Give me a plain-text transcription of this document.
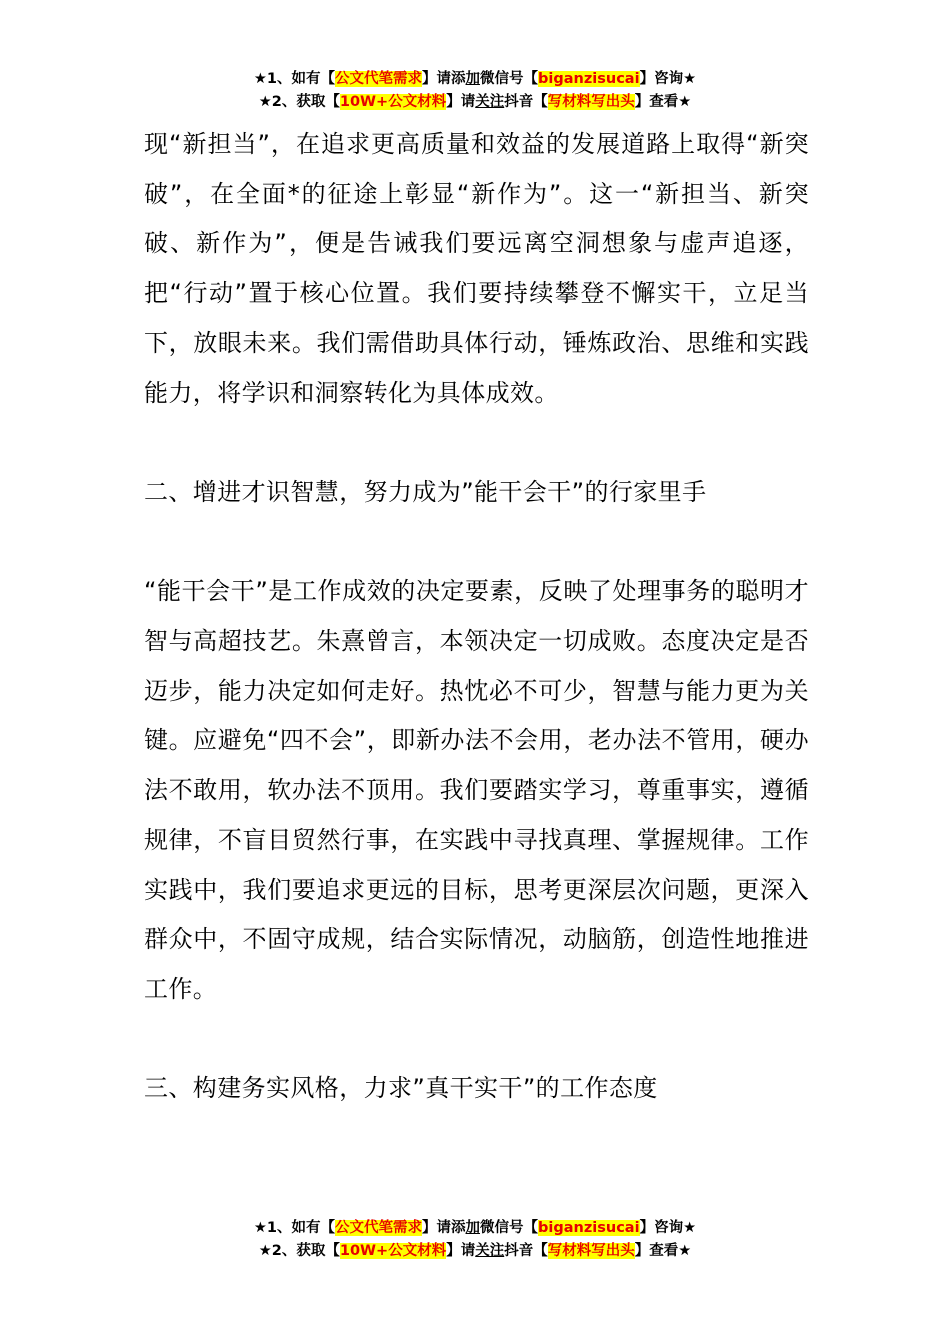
★1、如有【公文代笔需求】请添加微信号【biganzisucai】咨询★
★2、获取【10W+公文材料】请关注抖音【写材料写出头】查看★

现“新担当”，在追求更高质量和效益的发展道路上取得“新突破”，在全面*的征途上彰显“新作为”。这一“新担当、新突破、新作为”，便是告诫我们要远离空洞想象与虚声追逐，把“行动”置于核心位置。我们要持续攀登不懈实干，立足当下，放眼未来。我们需借助具体行动，锤炼政治、思维和实践能力，将学识和洞察转化为具体成效。

二、增进才识智慧，努力成为”能干会干”的行家里手

“能干会干”是工作成效的决定要素，反映了处理事务的聪明才智与高超技艺。朱熹曾言，本领决定一切成败。态度决定是否迈步，能力决定如何走好。热忱必不可少，智慧与能力更为关键。应避免“四不会”，即新办法不会用，老办法不管用，硬办法不敢用，软办法不顶用。我们要踏实学习，尊重事实，遵循规律，不盲目贸然行事，在实践中寻找真理、掌握规律。工作实践中，我们要追求更远的目标，思考更深层次问题，更深入群众中，不固守成规，结合实际情况，动脑筋，创造性地推进工作。

三、构建务实风格，力求”真干实干”的工作态度

★1、如有【公文代笔需求】请添加微信号【biganzisucai】咨询★
★2、获取【10W+公文材料】请关注抖音【写材料写出头】查看★
